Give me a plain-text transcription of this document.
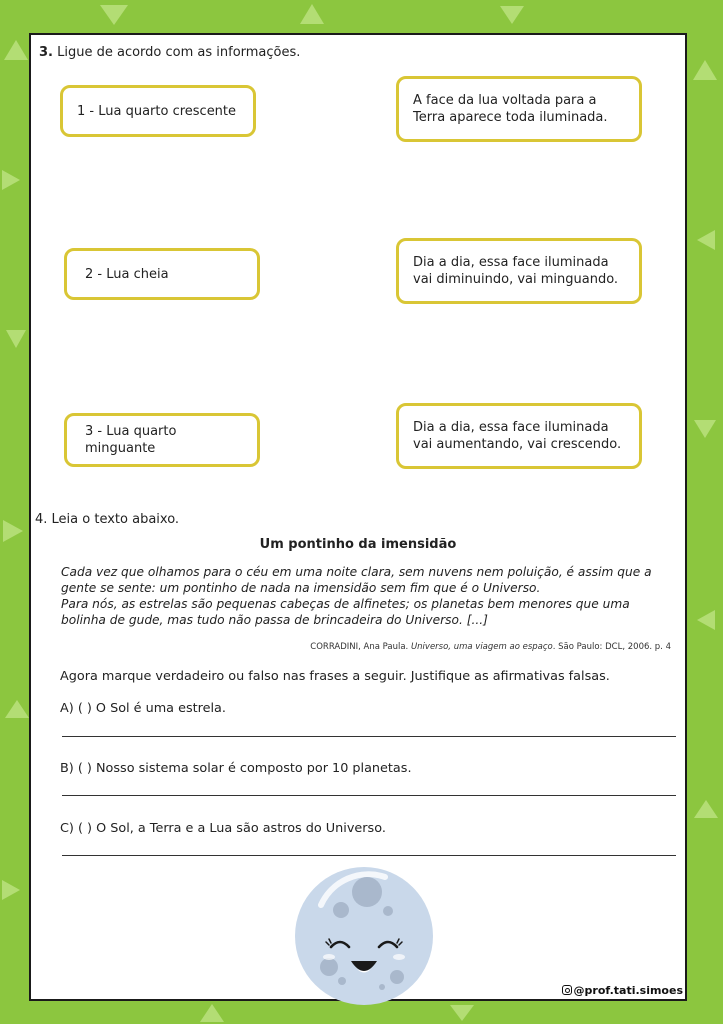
3. Ligue de acordo com as informações.
1 - Lua quarto crescente
2 - Lua cheia
3 - Lua quarto minguante
A face da lua voltada para a Terra aparece toda iluminada.
Dia a dia, essa face iluminada vai diminuindo, vai minguando.
Dia a dia, essa face iluminada vai aumentando, vai crescendo.
4. Leia o texto abaixo.
Um pontinho da imensidão
Cada vez que olhamos para o céu em uma noite clara, sem nuvens nem poluição, é assim que a gente se sente: um pontinho de nada na imensidão sem fim que é o Universo.
Para nós, as estrelas são pequenas cabeças de alfinetes; os planetas bem menores que uma bolinha de gude, mas tudo não passa de brincadeira do Universo. [...]
CORRADINI, Ana Paula. Universo, uma viagem ao espaço. São Paulo: DCL, 2006. p. 4
Agora marque verdadeiro ou falso nas frases a seguir. Justifique as afirmativas falsas.
A) ( ) O Sol é uma estrela.
B) ( ) Nosso sistema solar é composto por 10 planetas.
C) ( ) O Sol, a Terra e a Lua são astros do Universo.
@prof.tati.simoes
